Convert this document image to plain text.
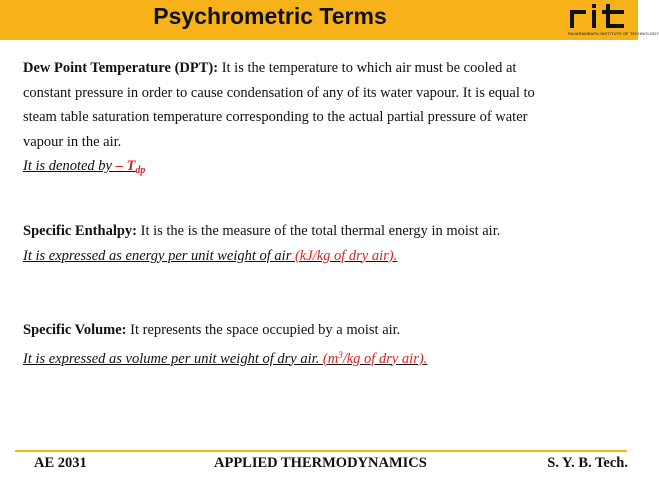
Psychrometric Terms
RAJARAMBAPU INSTITUTE OF TECHNOLOGY
Dew Point Temperature (DPT): It is the temperature to which air must be cooled at
constant pressure in order to cause condensation of any of its water vapour. It is equal to
steam table saturation temperature corresponding to the actual partial pressure of water
vapour in the air.
It is denoted by – $T_{dp}$
Specific Enthalpy: It is the is the measure of the total thermal energy in moist air.
It is expressed as energy per unit weight of air (kJ/kg of dry air).
Specific Volume: It represents the space occupied by a moist air.
It is expressed as volume per unit weight of dry air. ($m^3/kg$ of dry air).
AE 2031	APPLIED THERMODYNAMICS	S. Y. B. Tech.
